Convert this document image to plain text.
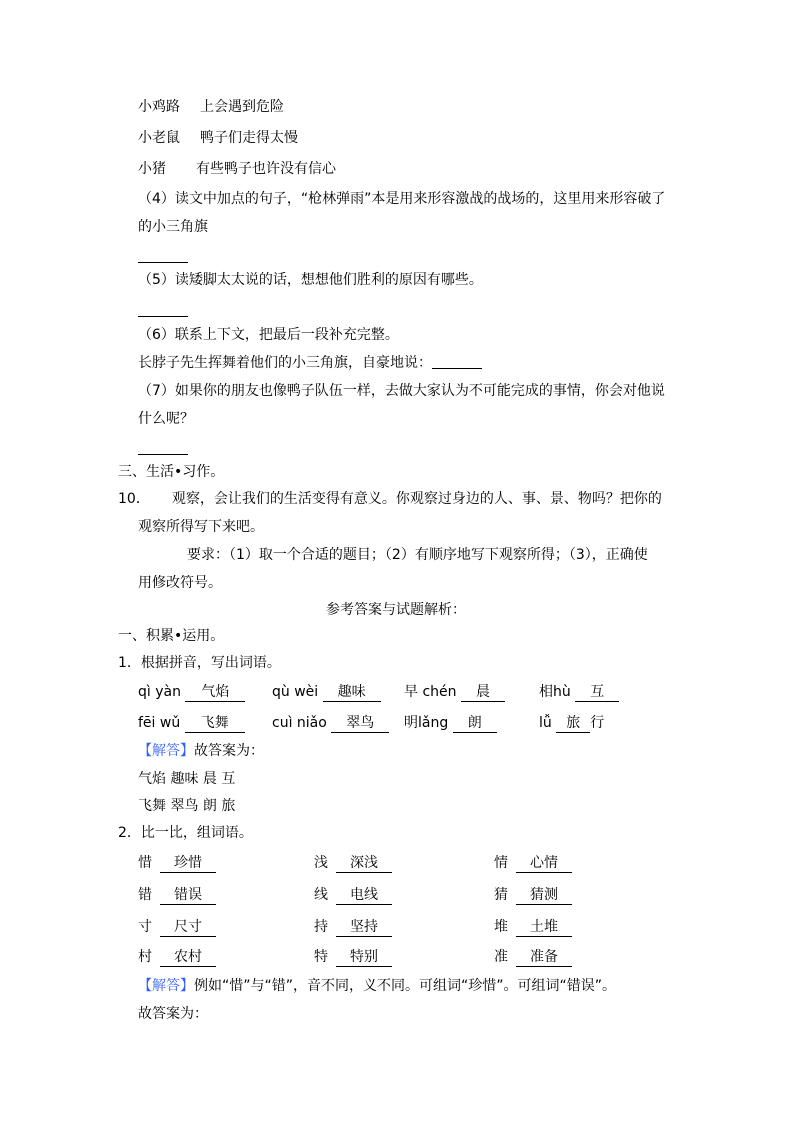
小鸡路 上会遇到危险
小老鼠 鸭子们走得太慢
小猪 有些鸭子也许没有信心
（4）读文中加点的句子，“枪林弹雨”本是用来形容激战的战场的，这里用来形容破了
的小三角旗
（5）读矮脚太太说的话，想想他们胜利的原因有哪些。
（6）联系上下文，把最后一段补充完整。
长脖子先生挥舞着他们的小三角旗，自豪地说：
（7）如果你的朋友也像鸭子队伍一样，去做大家认为不可能完成的事情，你会对他说
什么呢？
三、生活•习作。
10． 观察，会让我们的生活变得有意义。你观察过身边的人、事、景、物吗？把你的
观察所得写下来吧。
要求：（1）取一个合适的题目；（2）有顺序地写下观察所得；（3），正确使
用修改符号。
参考答案与试题解析：
一、积累•运用。
1．根据拼音，写出词语。
qì yàn 气焰	qù wèi 趣味	早 chén 晨	相hù 互
fēi wǔ 飞舞	cuì niǎo 翠鸟	明lǎng 朗	lǚ 旅 行
【解答】故答案为：
气焰 趣味 晨 互
飞舞 翠鸟 朗 旅
2．比一比，组词语。
惜 珍惜	浅 深浅	情 心情
错 错误	线 电线	猜 猜测
寸 尺寸	持 坚持	堆 土堆
村 农村	特 特别	准 准备
【解答】例如“惜”与“错”，音不同，义不同。可组词“珍惜”。可组词“错误”。
故答案为：
